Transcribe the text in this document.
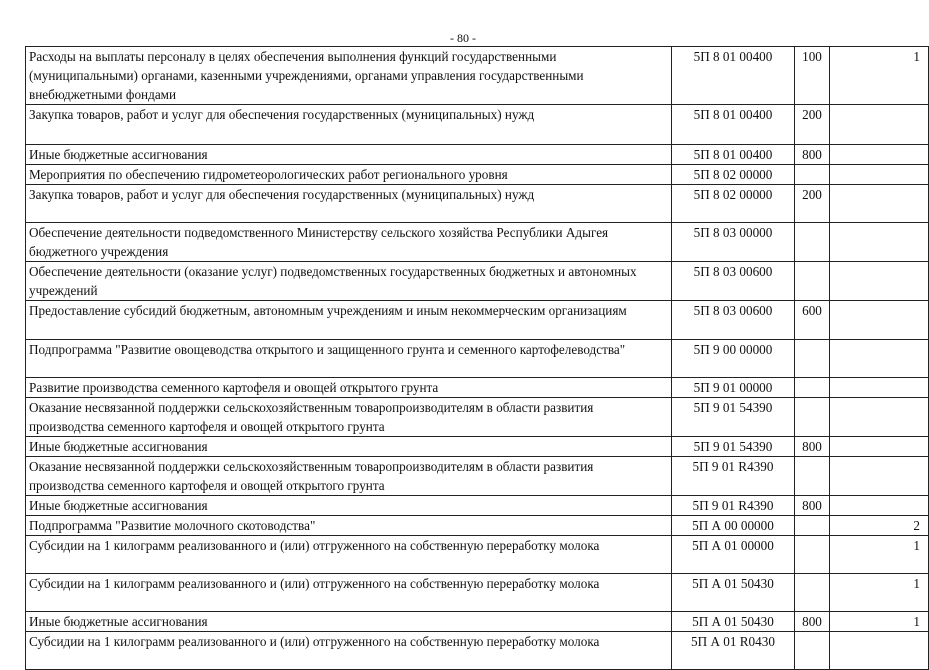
- 80 -
Расходы на выплаты персоналу в целях обеспечения выполнения функций государственными (муниципальными) органами, казенными учреждениями, органами управления государственными внебюджетными фондами	5П 8 01 00400	100	1
Закупка товаров, работ и услуг для обеспечения государственных (муниципальных) нужд	5П 8 01 00400	200	
Иные бюджетные ассигнования	5П 8 01 00400	800	
Мероприятия по обеспечению гидрометеорологических работ регионального уровня	5П 8 02 00000		
Закупка товаров, работ и услуг для обеспечения государственных (муниципальных) нужд	5П 8 02 00000	200	
Обеспечение деятельности подведомственного Министерству сельского хозяйства Республики Адыгея бюджетного учреждения	5П 8 03 00000		
Обеспечение деятельности (оказание услуг) подведомственных государственных бюджетных и автономных учреждений	5П 8 03 00600		
Предоставление субсидий бюджетным, автономным учреждениям и иным некоммерческим организациям	5П 8 03 00600	600	
Подпрограмма "Развитие овощеводства открытого и защищенного грунта и семенного картофелеводства"	5П 9 00 00000		
Развитие производства семенного картофеля и овощей открытого грунта	5П 9 01 00000		
Оказание несвязанной поддержки сельскохозяйственным товаропроизводителям в области развития производства семенного картофеля и овощей открытого грунта	5П 9 01 54390		
Иные бюджетные ассигнования	5П 9 01 54390	800	
Оказание несвязанной поддержки сельскохозяйственным товаропроизводителям в области развития производства семенного картофеля и овощей открытого грунта	5П 9 01 R4390		
Иные бюджетные ассигнования	5П 9 01 R4390	800	
Подпрограмма "Развитие молочного скотоводства"	5П А 00 00000		2
Субсидии на 1 килограмм реализованного и (или) отгруженного на собственную переработку молока	5П А 01 00000		1
Субсидии на 1 килограмм реализованного и (или) отгруженного на собственную переработку молока	5П А 01 50430		1
Иные бюджетные ассигнования	5П А 01 50430	800	1
Субсидии на 1 килограмм реализованного и (или) отгруженного на собственную переработку молока	5П А 01 R0430		
